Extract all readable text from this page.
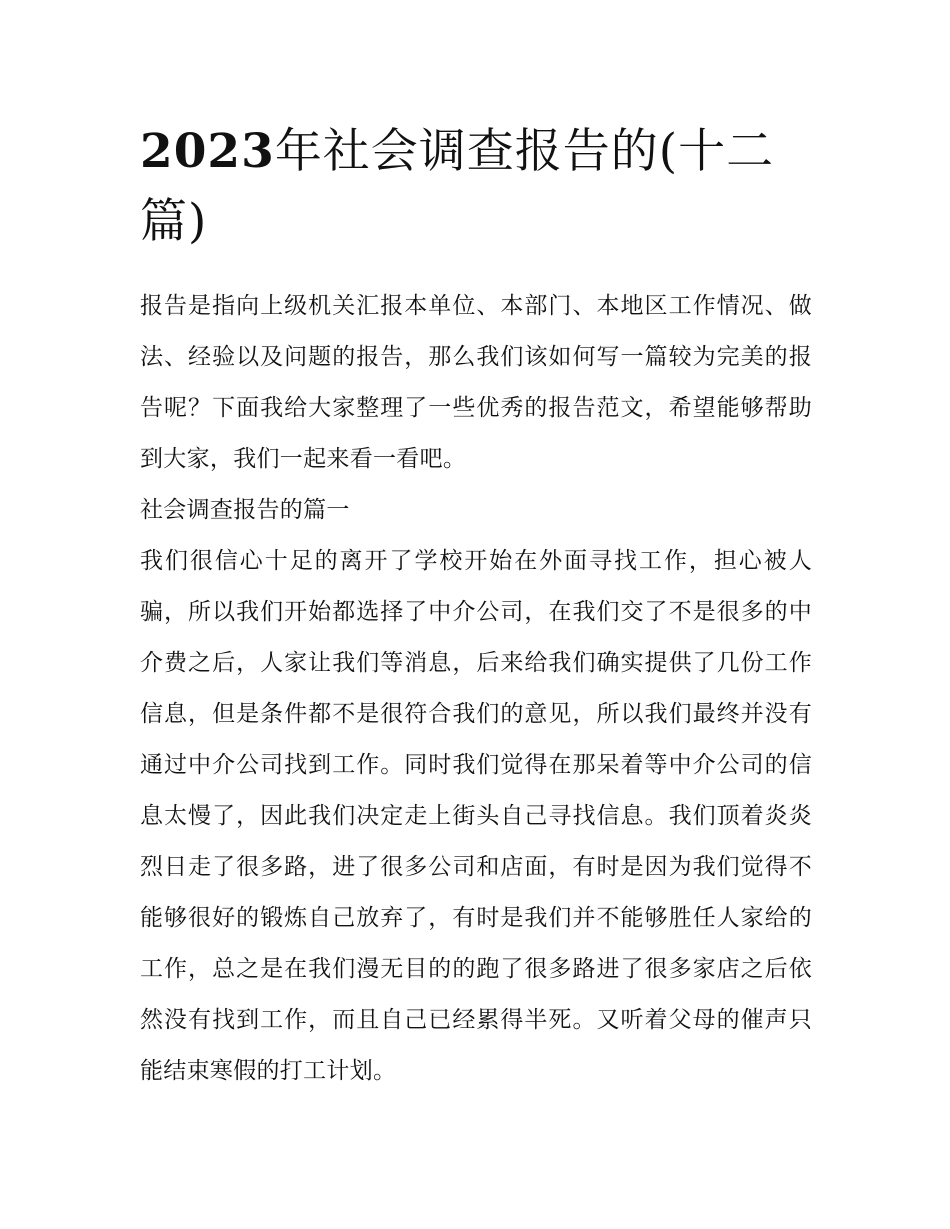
2023年社会调查报告的(十二篇)

报告是指向上级机关汇报本单位、本部门、本地区工作情况、做法、经验以及问题的报告，那么我们该如何写一篇较为完美的报告呢？下面我给大家整理了一些优秀的报告范文，希望能够帮助到大家，我们一起来看一看吧。

社会调查报告的篇一

我们很信心十足的离开了学校开始在外面寻找工作，担心被人骗，所以我们开始都选择了中介公司，在我们交了不是很多的中介费之后，人家让我们等消息，后来给我们确实提供了几份工作信息，但是条件都不是很符合我们的意见，所以我们最终并没有通过中介公司找到工作。同时我们觉得在那呆着等中介公司的信息太慢了，因此我们决定走上街头自己寻找信息。我们顶着炎炎烈日走了很多路，进了很多公司和店面，有时是因为我们觉得不能够很好的锻炼自己放弃了，有时是我们并不能够胜任人家给的工作，总之是在我们漫无目的的跑了很多路进了很多家店之后依然没有找到工作，而且自己已经累得半死。又听着父母的催声只能结束寒假的打工计划。
